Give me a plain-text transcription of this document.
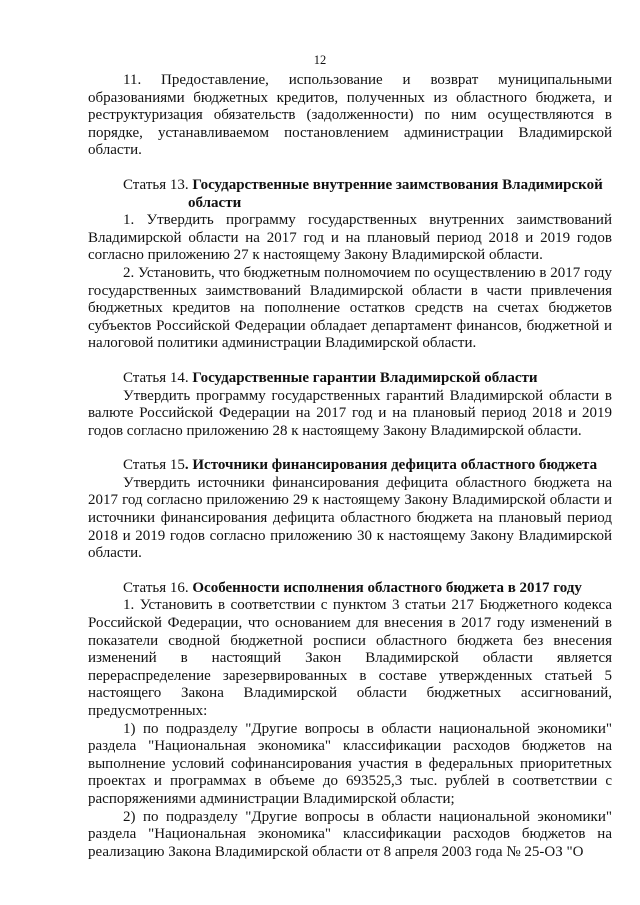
12

11. Предоставление, использование и возврат муниципальными образованиями бюджетных кредитов, полученных из областного бюджета, и реструктуризация обязательств (задолженности) по ним осуществляются в порядке, устанавливаемом постановлением администрации Владимирской области.

Статья 13. Государственные внутренние заимствования Владимирской
области

1. Утвердить программу государственных внутренних заимствований Владимирской области на 2017 год и на плановый период 2018 и 2019 годов согласно приложению 27 к настоящему Закону Владимирской области.

2. Установить, что бюджетным полномочием по осуществлению в 2017 году государственных заимствований Владимирской области в части привлечения бюджетных кредитов на пополнение остатков средств на счетах бюджетов субъектов Российской Федерации обладает департамент финансов, бюджетной и налоговой политики администрации Владимирской области.

Статья 14. Государственные гарантии Владимирской области

Утвердить программу государственных гарантий Владимирской области в валюте Российской Федерации на 2017 год и на плановый период 2018 и 2019 годов согласно приложению 28 к настоящему Закону Владимирской области.

Статья 15. Источники финансирования дефицита областного бюджета

Утвердить источники финансирования дефицита областного бюджета на 2017 год согласно приложению 29 к настоящему Закону Владимирской области и источники финансирования дефицита областного бюджета на плановый период 2018 и 2019 годов согласно приложению 30 к настоящему Закону Владимирской области.

Статья 16. Особенности исполнения областного бюджета в 2017 году

1. Установить в соответствии с пунктом 3 статьи 217 Бюджетного кодекса Российской Федерации, что основанием для внесения в 2017 году изменений в показатели сводной бюджетной росписи областного бюджета без внесения изменений в настоящий Закон Владимирской области является перераспределение зарезервированных в составе утвержденных статьей 5 настоящего Закона Владимирской области бюджетных ассигнований, предусмотренных:

1) по подразделу "Другие вопросы в области национальной экономики" раздела "Национальная экономика" классификации расходов бюджетов на выполнение условий софинансирования участия в федеральных приоритетных проектах и программах в объеме до 693525,3 тыс. рублей в соответствии с распоряжениями администрации Владимирской области;

2) по подразделу "Другие вопросы в области национальной экономики" раздела "Национальная экономика" классификации расходов бюджетов на реализацию Закона Владимирской области от 8 апреля 2003 года № 25-ОЗ "О
